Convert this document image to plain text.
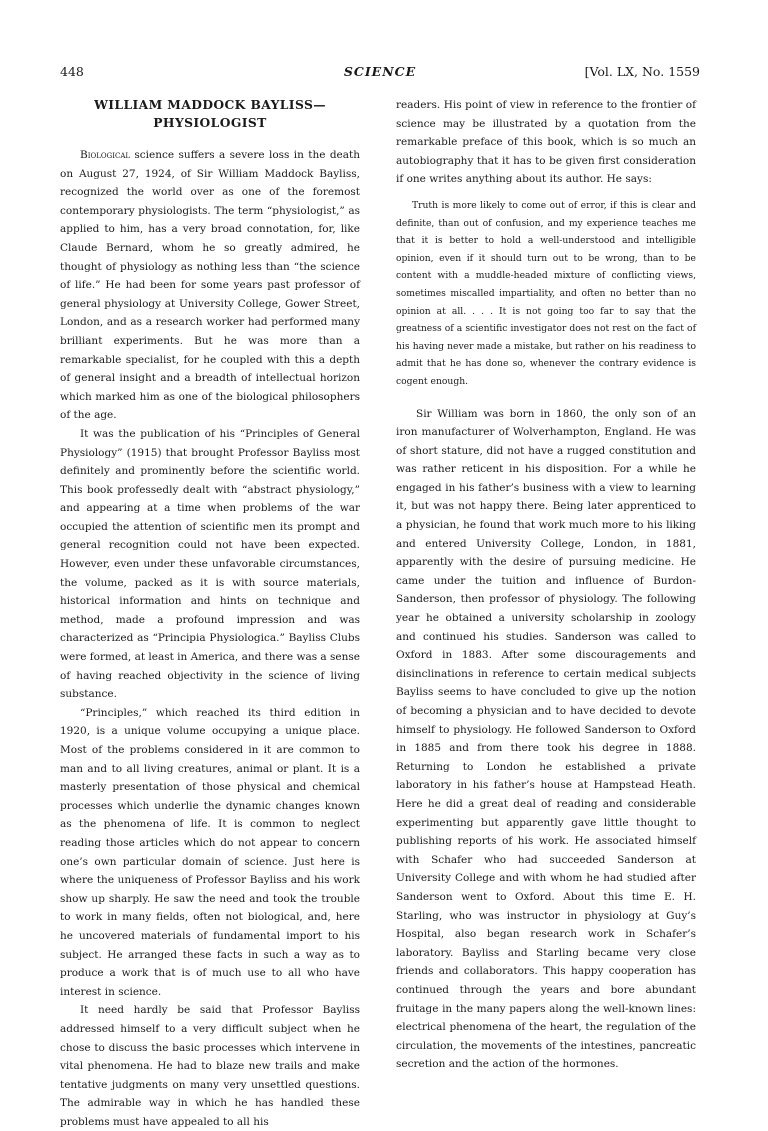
448	SCIENCE	[Vol. LX, No. 1559
WILLIAM MADDOCK BAYLISS—
PHYSIOLOGIST

Biological science suffers a severe loss in the death on August 27, 1924, of Sir William Maddock Bayliss, recognized the world over as one of the foremost contemporary physiologists. The term “physiologist,” as applied to him, has a very broad connotation, for, like Claude Bernard, whom he so greatly admired, he thought of physiology as nothing less than “the science of life.” He had been for some years past professor of general physiology at University College, Gower Street, London, and as a research worker had performed many brilliant experiments. But he was more than a remarkable specialist, for he coupled with this a depth of general insight and a breadth of intellectual horizon which marked him as one of the biological philosophers of the age.

It was the publication of his “Principles of General Physiology” (1915) that brought Professor Bayliss most definitely and prominently before the scientific world. This book professedly dealt with “abstract physiology,” and appearing at a time when problems of the war occupied the attention of scientific men its prompt and general recognition could not have been expected. However, even under these unfavorable circumstances, the volume, packed as it is with source materials, historical information and hints on technique and method, made a profound impression and was characterized as “Principia Physiologica.” Bayliss Clubs were formed, at least in America, and there was a sense of having reached objectivity in the science of living substance.

“Principles,” which reached its third edition in 1920, is a unique volume occupying a unique place. Most of the problems considered in it are common to man and to all living creatures, animal or plant. It is a masterly presentation of those physical and chemical processes which underlie the dynamic changes known as the phenomena of life. It is common to neglect reading those articles which do not appear to concern one’s own particular domain of science. Just here is where the uniqueness of Professor Bayliss and his work show up sharply. He saw the need and took the trouble to work in many fields, often not biological, and, here he uncovered materials of fundamental import to his subject. He arranged these facts in such a way as to produce a work that is of much use to all who have interest in science.

It need hardly be said that Professor Bayliss addressed himself to a very difficult subject when he chose to discuss the basic processes which intervene in vital phenomena. He had to blaze new trails and make tentative judgments on many very unsettled questions. The admirable way in which he has handled these problems must have appealed to all his

readers. His point of view in reference to the frontier of science may be illustrated by a quotation from the remarkable preface of this book, which is so much an autobiography that it has to be given first consideration if one writes anything about its author. He says:

Truth is more likely to come out of error, if this is clear and definite, than out of confusion, and my experience teaches me that it is better to hold a well-understood and intelligible opinion, even if it should turn out to be wrong, than to be content with a muddle-headed mixture of conflicting views, sometimes miscalled impartiality, and often no better than no opinion at all. . . . It is not going too far to say that the greatness of a scientific investigator does not rest on the fact of his having never made a mistake, but rather on his readiness to admit that he has done so, whenever the contrary evidence is cogent enough.

Sir William was born in 1860, the only son of an iron manufacturer of Wolverhampton, England. He was of short stature, did not have a rugged constitution and was rather reticent in his disposition. For a while he engaged in his father’s business with a view to learning it, but was not happy there. Being later apprenticed to a physician, he found that work much more to his liking and entered University College, London, in 1881, apparently with the desire of pursuing medicine. He came under the tuition and influence of Burdon-Sanderson, then professor of physiology. The following year he obtained a university scholarship in zoology and continued his studies. Sanderson was called to Oxford in 1883. After some discouragements and disinclinations in reference to certain medical subjects Bayliss seems to have concluded to give up the notion of becoming a physician and to have decided to devote himself to physiology. He followed Sanderson to Oxford in 1885 and from there took his degree in 1888. Returning to London he established a private laboratory in his father’s house at Hampstead Heath. Here he did a great deal of reading and considerable experimenting but apparently gave little thought to publishing reports of his work. He associated himself with Schafer who had succeeded Sanderson at University College and with whom he had studied after Sanderson went to Oxford. About this time E. H. Starling, who was instructor in physiology at Guy’s Hospital, also began research work in Schafer’s laboratory. Bayliss and Starling became very close friends and collaborators. This happy cooperation has continued through the years and bore abundant fruitage in the many papers along the well-known lines: electrical phenomena of the heart, the regulation of the circulation, the movements of the intestines, pancreatic secretion and the action of the hormones.
